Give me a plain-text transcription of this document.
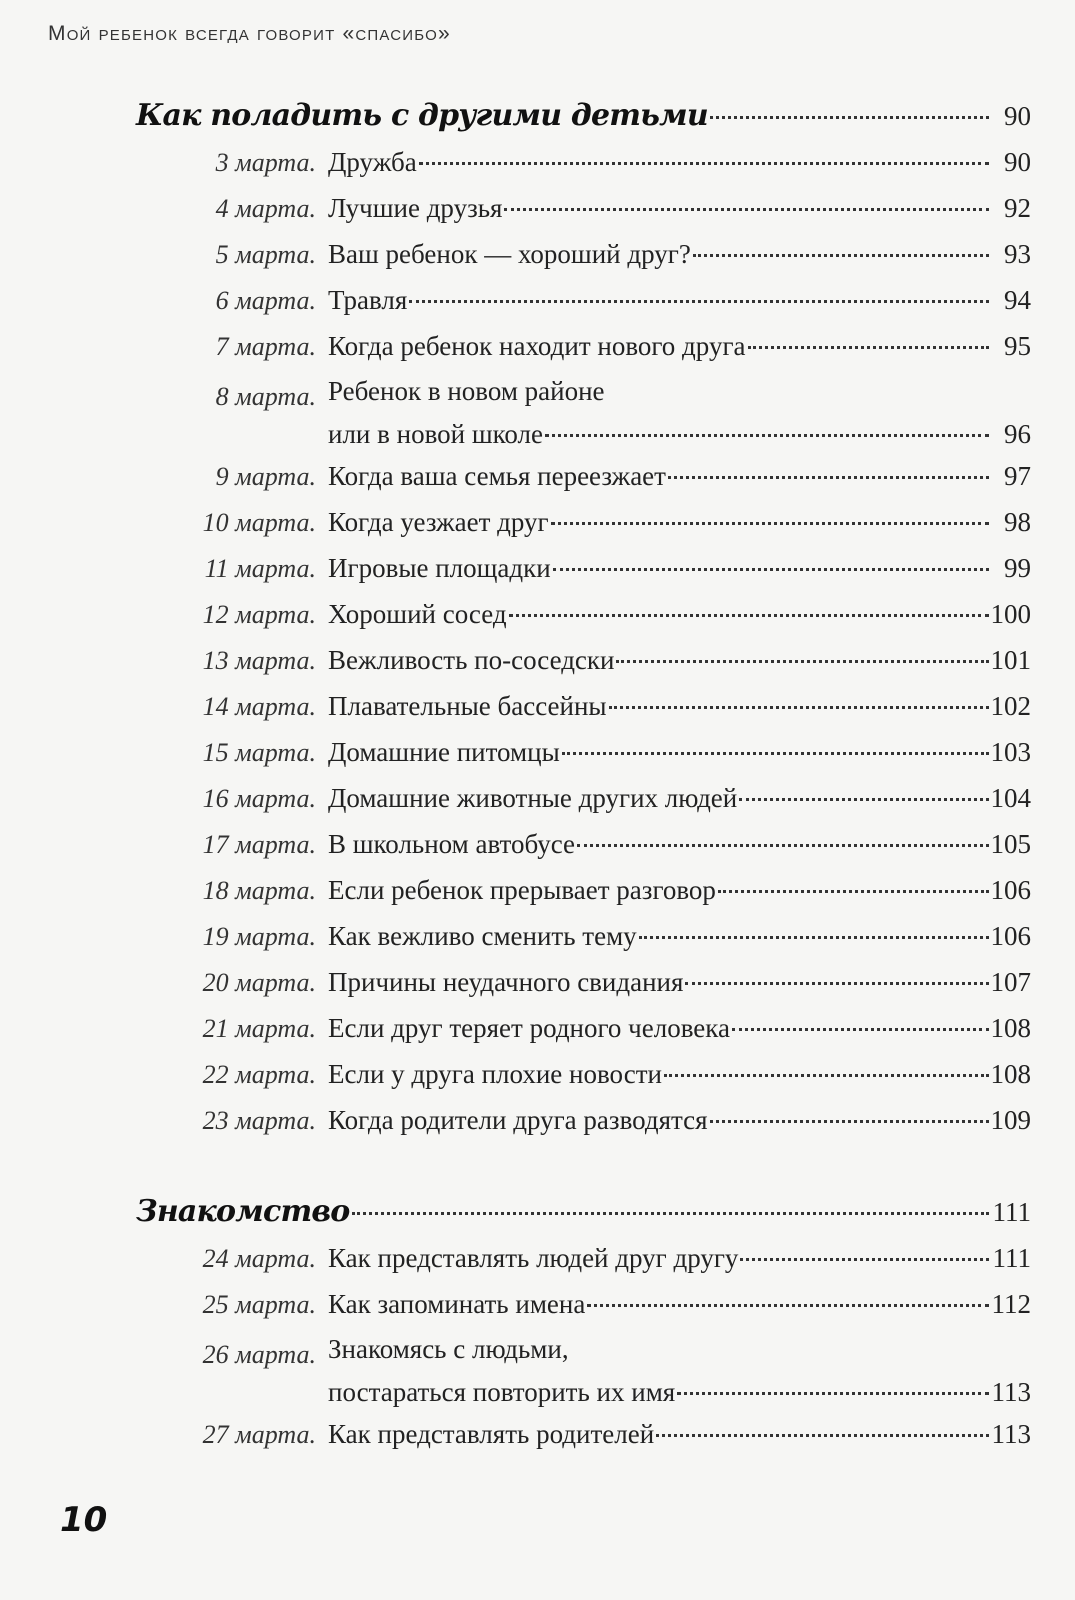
Мой ребенок всегда говорит «спасибо»
Как поладить с другими детьми	90
3 марта. Дружба	90
4 марта. Лучшие друзья	92
5 марта. Ваш ребенок — хороший друг?	93
6 марта. Травля	94
7 марта. Когда ребенок находит нового друга	95
8 марта. Ребенок в новом районе
или в новой школе	96
9 марта. Когда ваша семья переезжает	97
10 марта. Когда уезжает друг	98
11 марта. Игровые площадки	99
12 марта. Хороший сосед	100
13 марта. Вежливость по-соседски	101
14 марта. Плавательные бассейны	102
15 марта. Домашние питомцы	103
16 марта. Домашние животные других людей	104
17 марта. В школьном автобусе	105
18 марта. Если ребенок прерывает разговор	106
19 марта. Как вежливо сменить тему	106
20 марта. Причины неудачного свидания	107
21 марта. Если друг теряет родного человека	108
22 марта. Если у друга плохие новости	108
23 марта. Когда родители друга разводятся	109
Знакомство	111
24 марта. Как представлять людей друг другу	111
25 марта. Как запоминать имена	112
26 марта. Знакомясь с людьми,
постараться повторить их имя	113
27 марта. Как представлять родителей	113
10
